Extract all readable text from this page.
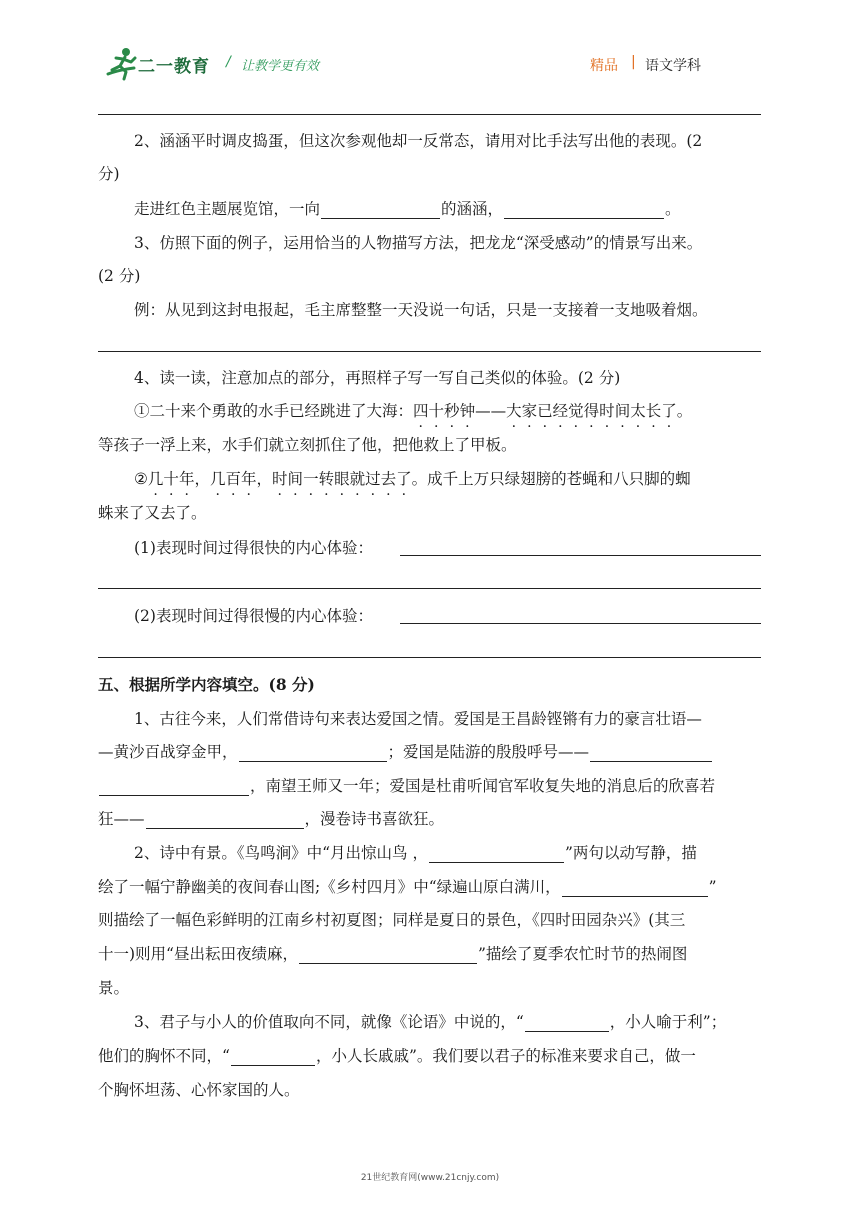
二一教育 / 让教学更有效	精品 | 语文学科
2、涵涵平时调皮捣蛋，但这次参观他却一反常态，请用对比手法写出他的表现。(2
分)
走进红色主题展览馆，一向	的涵涵，	。
3、仿照下面的例子，运用恰当的人物描写方法，把龙龙“深受感动”的情景写出来。
(2 分)
例：从见到这封电报起，毛主席整整一天没说一句话，只是一支接着一支地吸着烟。
4、读一读，注意加点的部分，再照样子写一写自己类似的体验。(2 分)
①二十来个勇敢的水手已经跳进了大海：四十秒钟——大家已经觉得时间太长了。
等孩子一浮上来，水手们就立刻抓住了他，把他救上了甲板。
②几十年，几百年，时间一转眼就过去了。成千上万只绿翅膀的苍蝇和八只脚的蜘
蛛来了又去了。
(1)表现时间过得很快的内心体验：
(2)表现时间过得很慢的内心体验：
五、根据所学内容填空。(8 分)
1、古往今来，人们常借诗句来表达爱国之情。爱国是王昌龄铿锵有力的豪言壮语—
—黄沙百战穿金甲，	；爱国是陆游的殷殷呼号——
，南望王师又一年；爱国是杜甫听闻官军收复失地的消息后的欣喜若
狂——	，漫卷诗书喜欲狂。
2、诗中有景。《鸟鸣涧》中“月出惊山鸟 ，	”两句以动写静，描
绘了一幅宁静幽美的夜间春山图;《乡村四月》中“绿遍山原白满川，	”
则描绘了一幅色彩鲜明的江南乡村初夏图；同样是夏日的景色，《四时田园杂兴》(其三
十一)则用“昼出耘田夜绩麻，	”描绘了夏季农忙时节的热闹图
景。
3、君子与小人的价值取向不同，就像《论语》中说的，“	，小人喻于利”；
他们的胸怀不同，“	，小人长戚戚”。我们要以君子的标准来要求自己，做一
个胸怀坦荡、心怀家国的人。
21世纪教育网(www.21cnjy.com)
